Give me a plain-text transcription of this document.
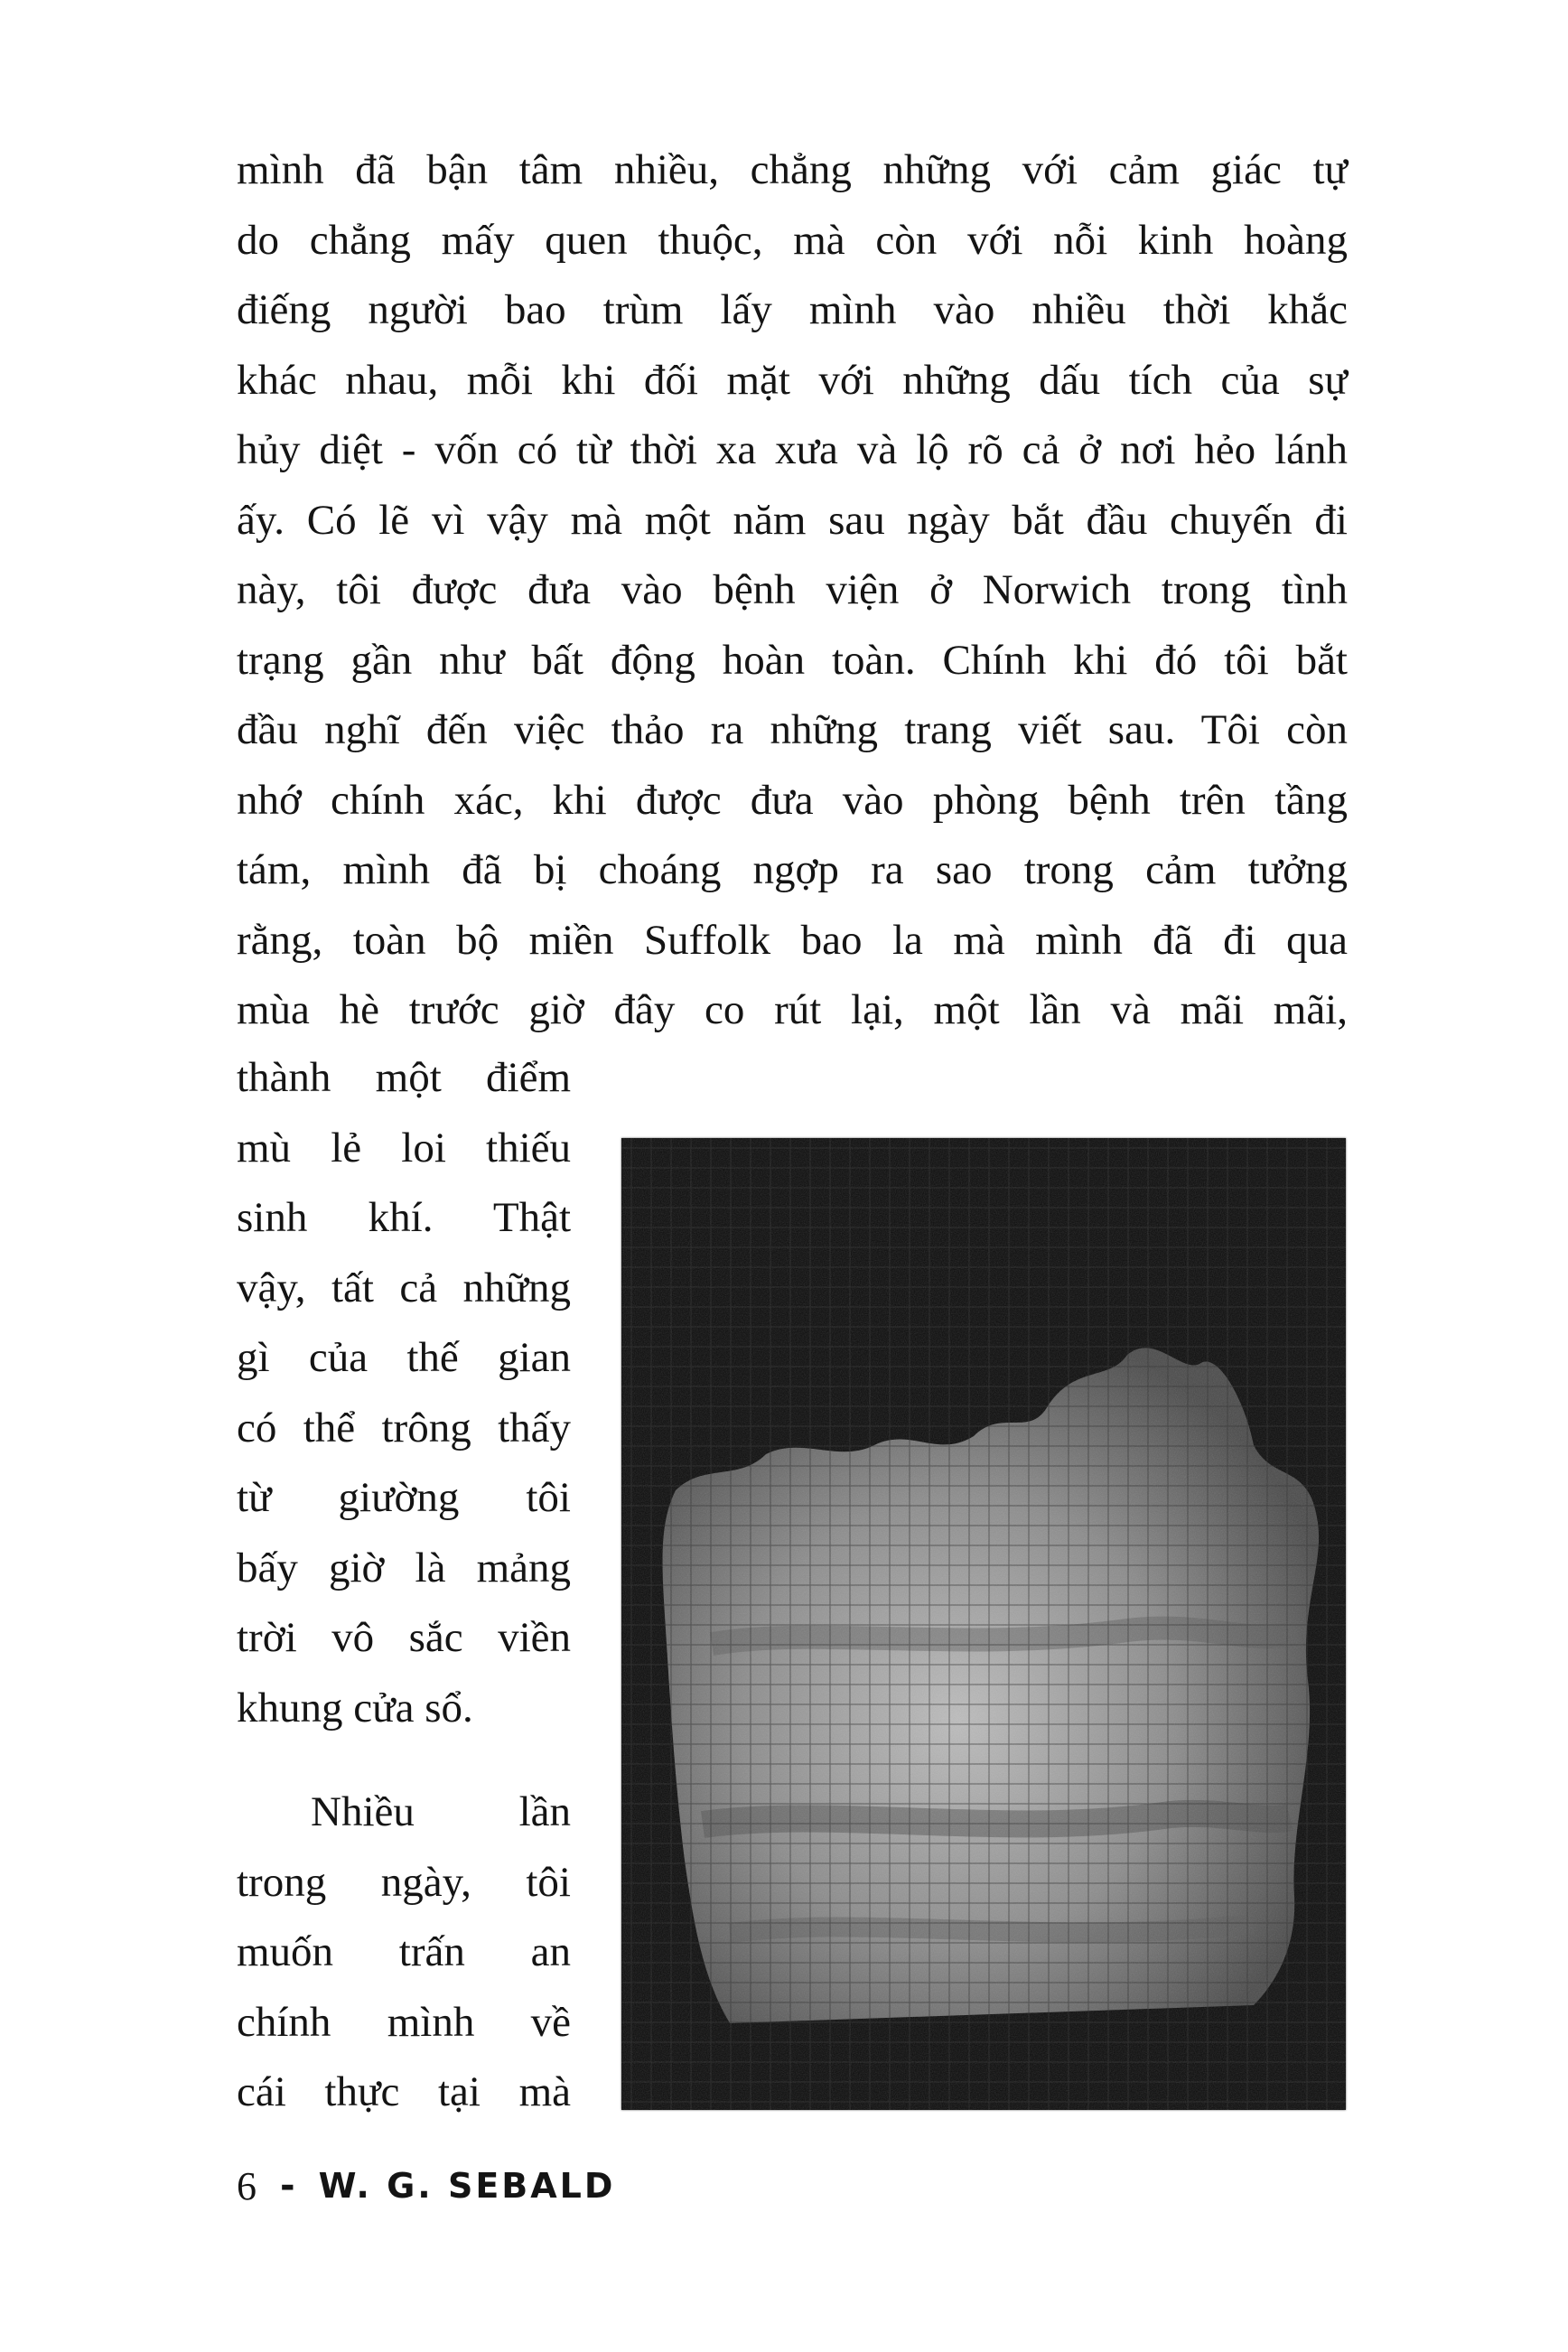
mình đã bận tâm nhiều, chẳng những với cảm giác tự
do chẳng mấy quen thuộc, mà còn với nỗi kinh hoàng
điếng người bao trùm lấy mình vào nhiều thời khắc
khác nhau, mỗi khi đối mặt với những dấu tích của sự
hủy diệt - vốn có từ thời xa xưa và lộ rõ cả ở nơi hẻo lánh
ấy. Có lẽ vì vậy mà một năm sau ngày bắt đầu chuyến đi
này, tôi được đưa vào bệnh viện ở Norwich trong tình
trạng gần như bất động hoàn toàn. Chính khi đó tôi bắt
đầu nghĩ đến việc thảo ra những trang viết sau. Tôi còn
nhớ chính xác, khi được đưa vào phòng bệnh trên tầng
tám, mình đã bị choáng ngợp ra sao trong cảm tưởng
rằng, toàn bộ miền Suffolk bao la mà mình đã đi qua
mùa hè trước giờ đây co rút lại, một lần và mãi mãi,
thành một điểm
mù lẻ loi thiếu
sinh khí. Thật
vậy, tất cả những
gì của thế gian
có thể trông thấy
từ giường tôi
bấy giờ là mảng
trời vô sắc viền
khung cửa sổ.
Nhiều lần
trong ngày, tôi
muốn trấn an
chính mình về
cái thực tại mà
6 - W. G. SEBALD
